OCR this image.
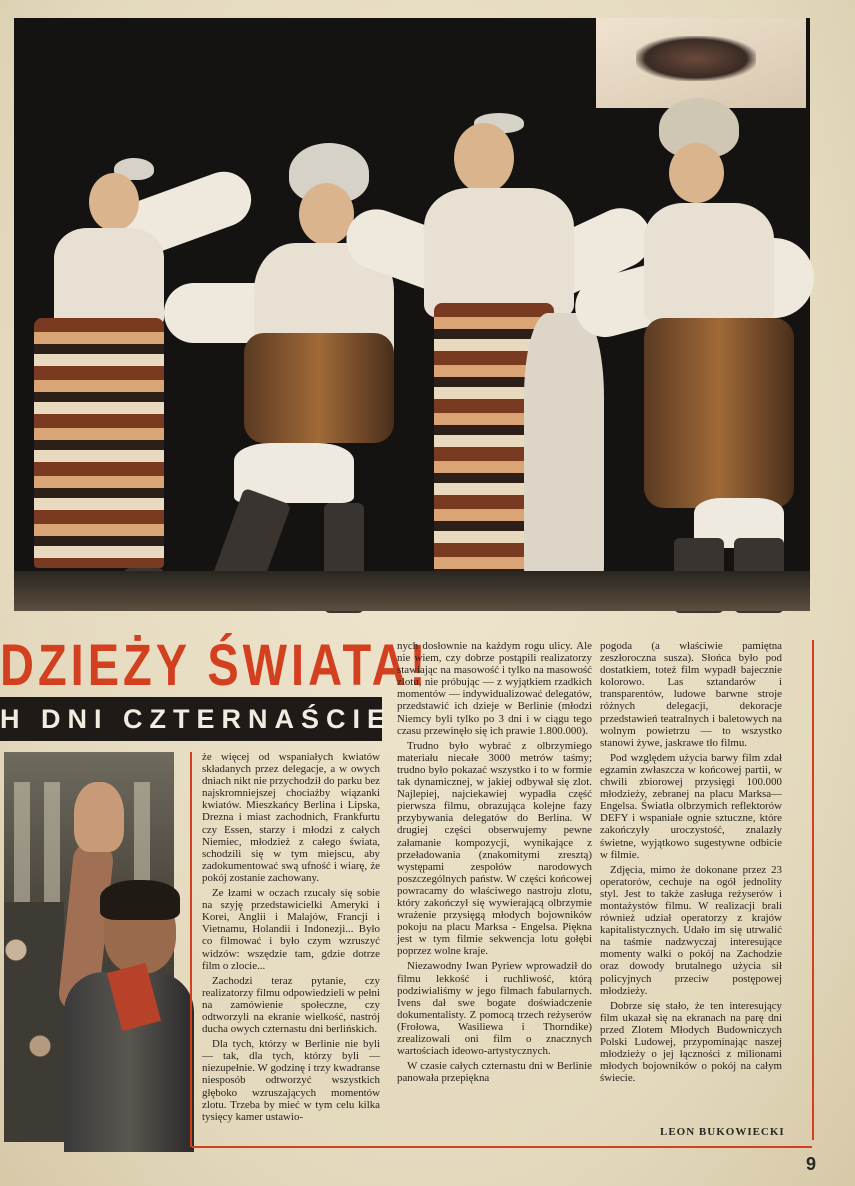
DZIEŻY ŚWIATA!
H DNI CZTERNAŚCIE

że więcej od wspaniałych kwiatów składanych przez delegacje, a w owych dniach nikt nie przychodził do parku bez najskromniejszej chociażby wiązanki kwiatów. Mieszkańcy Berlina i Lipska, Drezna i miast zachodnich, Frankfurtu czy Essen, starzy i młodzi z całych Niemiec, młodzież z całego świata, schodzili się w tym miejscu, aby zadokumentować swą ufność i wiarę, że pokój zostanie zachowany.

Ze łzami w oczach rzucały się sobie na szyję przedstawicielki Ameryki i Korei, Anglii i Malajów, Francji i Vietnamu, Holandii i Indonezji... Było co filmować i było czym wzruszyć widzów: wszędzie tam, gdzie dotrze film o zlocie...

Zachodzi teraz pytanie, czy realizatorzy filmu odpowiedzieli w pełni na zamówienie społeczne, czy odtworzyli na ekranie wielkość, nastrój ducha owych czternastu dni berlińskich.

Dla tych, którzy w Berlinie nie byli — tak, dla tych, którzy byli — niezupełnie. W godzinę i trzy kwadranse niesposób odtworzyć wszystkich głęboko wzruszających momentów zlotu. Trzeba by mieć w tym celu kilka tysięcy kamer ustawio-

nych dosłownie na każdym rogu ulicy. Ale nie wiem, czy dobrze postąpili realizatorzy stawiając na masowość i tylko na masowość zlotu, nie próbując — z wyjątkiem rzadkich momentów — indywidualizować delegatów, przedstawić ich dzieje w Berlinie (młodzi Niemcy byli tylko po 3 dni i w ciągu tego czasu przewinęło się ich prawie 1.800.000).

Trudno było wybrać z olbrzymiego materiału niecałe 3000 metrów taśmy; trudno było pokazać wszystko i to w formie tak dynamicznej, w jakiej odbywał się zlot. Najlepiej, najciekawiej wypadła część pierwsza filmu, obrazująca kolejne fazy przybywania delegatów do Berlina. W drugiej części obserwujemy pewne załamanie kompozycji, wynikające z przeładowania (znakomitymi zresztą) występami zespołów narodowych poszczególnych państw. W części końcowej powracamy do właściwego nastroju zlotu, który zakończył się wywierającą olbrzymie wrażenie przysięgą młodych bojowników pokoju na placu Marksa - Engelsa. Piękna jest w tym filmie sekwencja lotu gołębi poprzez wolne kraje.

Niezawodny Iwan Pyriew wprowadził do filmu lekkość i ruchliwość, którą podziwialiśmy w jego filmach fabularnych. Ivens dał swe bogate doświadczenie dokumentalisty. Z pomocą trzech reżyserów (Frołowa, Wasiliewa i Thorndike) zrealizowali oni film o znacznych wartościach ideowo-artystycznych.

W czasie całych czternastu dni w Berlinie panowała przepiękna

pogoda (a właściwie pamiętna zeszłoroczna susza). Słońca było pod dostatkiem, toteż film wypadł bajecznie kolorowo. Las sztandarów i transparentów, ludowe barwne stroje różnych delegacji, dekoracje przedstawień teatralnych i baletowych na wolnym powietrzu — to wszystko stanowi żywe, jaskrawe tło filmu.

Pod względem użycia barwy film zdał egzamin zwłaszcza w końcowej partii, w chwili zbiorowej przysięgi 100.000 młodzieży, zebranej na placu Marksa—Engelsa. Światła olbrzymich reflektorów DEFY i wspaniałe ognie sztuczne, które zakończyły uroczystość, znalazły świetne, wyjątkowo sugestywne odbicie w filmie.

Zdjęcia, mimo że dokonane przez 23 operatorów, cechuje na ogół jednolity styl. Jest to także zasługa reżyserów i montażystów filmu. W realizacji brali również udział operatorzy z krajów kapitalistycznych. Udało im się utrwalić na taśmie nadzwyczaj interesujące momenty walki o pokój na Zachodzie oraz dowody brutalnego użycia sił policyjnych przeciw postępowej młodzieży.

Dobrze się stało, że ten interesujący film ukazał się na ekranach na parę dni przed Zlotem Młodych Budowniczych Polski Ludowej, przypominając naszej młodzieży o jej łączności z milionami młodych bojowników o pokój na całym świecie.

LEON BUKOWIECKI
9
